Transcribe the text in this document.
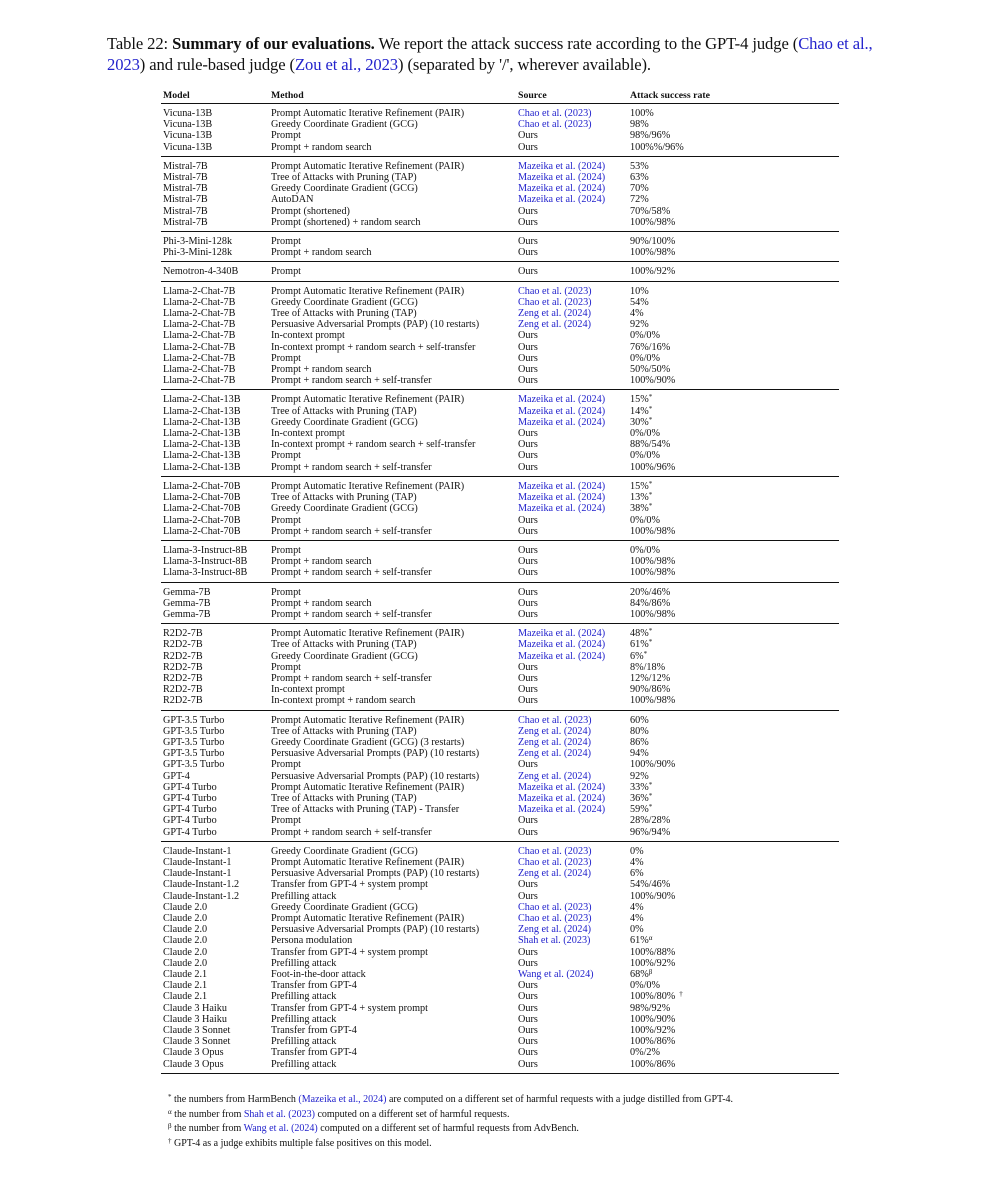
Table 22: Summary of our evaluations. We report the attack success rate according to the GPT-4 judge (Chao et al., 2023) and rule-based judge (Zou et al., 2023) (separated by '/', wherever available).
Model	Method	Source	Attack success rate
Vicuna-13B	Prompt Automatic Iterative Refinement (PAIR)	Chao et al. (2023)	100%
Vicuna-13B	Greedy Coordinate Gradient (GCG)	Chao et al. (2023)	98%
Vicuna-13B	Prompt	Ours	98%/96%
Vicuna-13B	Prompt + random search	Ours	100%%/96%
Mistral-7B	Prompt Automatic Iterative Refinement (PAIR)	Mazeika et al. (2024)	53%
Mistral-7B	Tree of Attacks with Pruning (TAP)	Mazeika et al. (2024)	63%
Mistral-7B	Greedy Coordinate Gradient (GCG)	Mazeika et al. (2024)	70%
Mistral-7B	AutoDAN	Mazeika et al. (2024)	72%
Mistral-7B	Prompt (shortened)	Ours	70%/58%
Mistral-7B	Prompt (shortened) + random search	Ours	100%/98%
Phi-3-Mini-128k	Prompt	Ours	90%/100%
Phi-3-Mini-128k	Prompt + random search	Ours	100%/98%
Nemotron-4-340B	Prompt	Ours	100%/92%
Llama-2-Chat-7B	Prompt Automatic Iterative Refinement (PAIR)	Chao et al. (2023)	10%
Llama-2-Chat-7B	Greedy Coordinate Gradient (GCG)	Chao et al. (2023)	54%
Llama-2-Chat-7B	Tree of Attacks with Pruning (TAP)	Zeng et al. (2024)	4%
Llama-2-Chat-7B	Persuasive Adversarial Prompts (PAP) (10 restarts)	Zeng et al. (2024)	92%
Llama-2-Chat-7B	In-context prompt	Ours	0%/0%
Llama-2-Chat-7B	In-context prompt + random search + self-transfer	Ours	76%/16%
Llama-2-Chat-7B	Prompt	Ours	0%/0%
Llama-2-Chat-7B	Prompt + random search	Ours	50%/50%
Llama-2-Chat-7B	Prompt + random search + self-transfer	Ours	100%/90%
Llama-2-Chat-13B	Prompt Automatic Iterative Refinement (PAIR)	Mazeika et al. (2024)	15%*
Llama-2-Chat-13B	Tree of Attacks with Pruning (TAP)	Mazeika et al. (2024)	14%*
Llama-2-Chat-13B	Greedy Coordinate Gradient (GCG)	Mazeika et al. (2024)	30%*
Llama-2-Chat-13B	In-context prompt	Ours	0%/0%
Llama-2-Chat-13B	In-context prompt + random search + self-transfer	Ours	88%/54%
Llama-2-Chat-13B	Prompt	Ours	0%/0%
Llama-2-Chat-13B	Prompt + random search + self-transfer	Ours	100%/96%
Llama-2-Chat-70B	Prompt Automatic Iterative Refinement (PAIR)	Mazeika et al. (2024)	15%*
Llama-2-Chat-70B	Tree of Attacks with Pruning (TAP)	Mazeika et al. (2024)	13%*
Llama-2-Chat-70B	Greedy Coordinate Gradient (GCG)	Mazeika et al. (2024)	38%*
Llama-2-Chat-70B	Prompt	Ours	0%/0%
Llama-2-Chat-70B	Prompt + random search + self-transfer	Ours	100%/98%
Llama-3-Instruct-8B	Prompt	Ours	0%/0%
Llama-3-Instruct-8B	Prompt + random search	Ours	100%/98%
Llama-3-Instruct-8B	Prompt + random search + self-transfer	Ours	100%/98%
Gemma-7B	Prompt	Ours	20%/46%
Gemma-7B	Prompt + random search	Ours	84%/86%
Gemma-7B	Prompt + random search + self-transfer	Ours	100%/98%
R2D2-7B	Prompt Automatic Iterative Refinement (PAIR)	Mazeika et al. (2024)	48%*
R2D2-7B	Tree of Attacks with Pruning (TAP)	Mazeika et al. (2024)	61%*
R2D2-7B	Greedy Coordinate Gradient (GCG)	Mazeika et al. (2024)	6%*
R2D2-7B	Prompt	Ours	8%/18%
R2D2-7B	Prompt + random search + self-transfer	Ours	12%/12%
R2D2-7B	In-context prompt	Ours	90%/86%
R2D2-7B	In-context prompt + random search	Ours	100%/98%
GPT-3.5 Turbo	Prompt Automatic Iterative Refinement (PAIR)	Chao et al. (2023)	60%
GPT-3.5 Turbo	Tree of Attacks with Pruning (TAP)	Zeng et al. (2024)	80%
GPT-3.5 Turbo	Greedy Coordinate Gradient (GCG) (3 restarts)	Zeng et al. (2024)	86%
GPT-3.5 Turbo	Persuasive Adversarial Prompts (PAP) (10 restarts)	Zeng et al. (2024)	94%
GPT-3.5 Turbo	Prompt	Ours	100%/90%
GPT-4	Persuasive Adversarial Prompts (PAP) (10 restarts)	Zeng et al. (2024)	92%
GPT-4 Turbo	Prompt Automatic Iterative Refinement (PAIR)	Mazeika et al. (2024)	33%*
GPT-4 Turbo	Tree of Attacks with Pruning (TAP)	Mazeika et al. (2024)	36%*
GPT-4 Turbo	Tree of Attacks with Pruning (TAP) - Transfer	Mazeika et al. (2024)	59%*
GPT-4 Turbo	Prompt	Ours	28%/28%
GPT-4 Turbo	Prompt + random search + self-transfer	Ours	96%/94%
Claude-Instant-1	Greedy Coordinate Gradient (GCG)	Chao et al. (2023)	0%
Claude-Instant-1	Prompt Automatic Iterative Refinement (PAIR)	Chao et al. (2023)	4%
Claude-Instant-1	Persuasive Adversarial Prompts (PAP) (10 restarts)	Zeng et al. (2024)	6%
Claude-Instant-1.2	Transfer from GPT-4 + system prompt	Ours	54%/46%
Claude-Instant-1.2	Prefilling attack	Ours	100%/90%
Claude 2.0	Greedy Coordinate Gradient (GCG)	Chao et al. (2023)	4%
Claude 2.0	Prompt Automatic Iterative Refinement (PAIR)	Chao et al. (2023)	4%
Claude 2.0	Persuasive Adversarial Prompts (PAP) (10 restarts)	Zeng et al. (2024)	0%
Claude 2.0	Persona modulation	Shah et al. (2023)	61%$^\alpha$
Claude 2.0	Transfer from GPT-4 + system prompt	Ours	100%/88%
Claude 2.0	Prefilling attack	Ours	100%/92%
Claude 2.1	Foot-in-the-door attack	Wang et al. (2024)	68%$^\beta$
Claude 2.1	Transfer from GPT-4	Ours	0%/0%
Claude 2.1	Prefilling attack	Ours	100%/80% †
Claude 3 Haiku	Transfer from GPT-4 + system prompt	Ours	98%/92%
Claude 3 Haiku	Prefilling attack	Ours	100%/90%
Claude 3 Sonnet	Transfer from GPT-4	Ours	100%/92%
Claude 3 Sonnet	Prefilling attack	Ours	100%/86%
Claude 3 Opus	Transfer from GPT-4	Ours	0%/2%
Claude 3 Opus	Prefilling attack	Ours	100%/86%
* the numbers from HarmBench (Mazeika et al., 2024) are computed on a different set of harmful requests with a judge distilled from GPT-4.
$^\alpha$ the number from Shah et al. (2023) computed on a different set of harmful requests.
$^\beta$ the number from Wang et al. (2024) computed on a different set of harmful requests from AdvBench.
† GPT-4 as a judge exhibits multiple false positives on this model.
